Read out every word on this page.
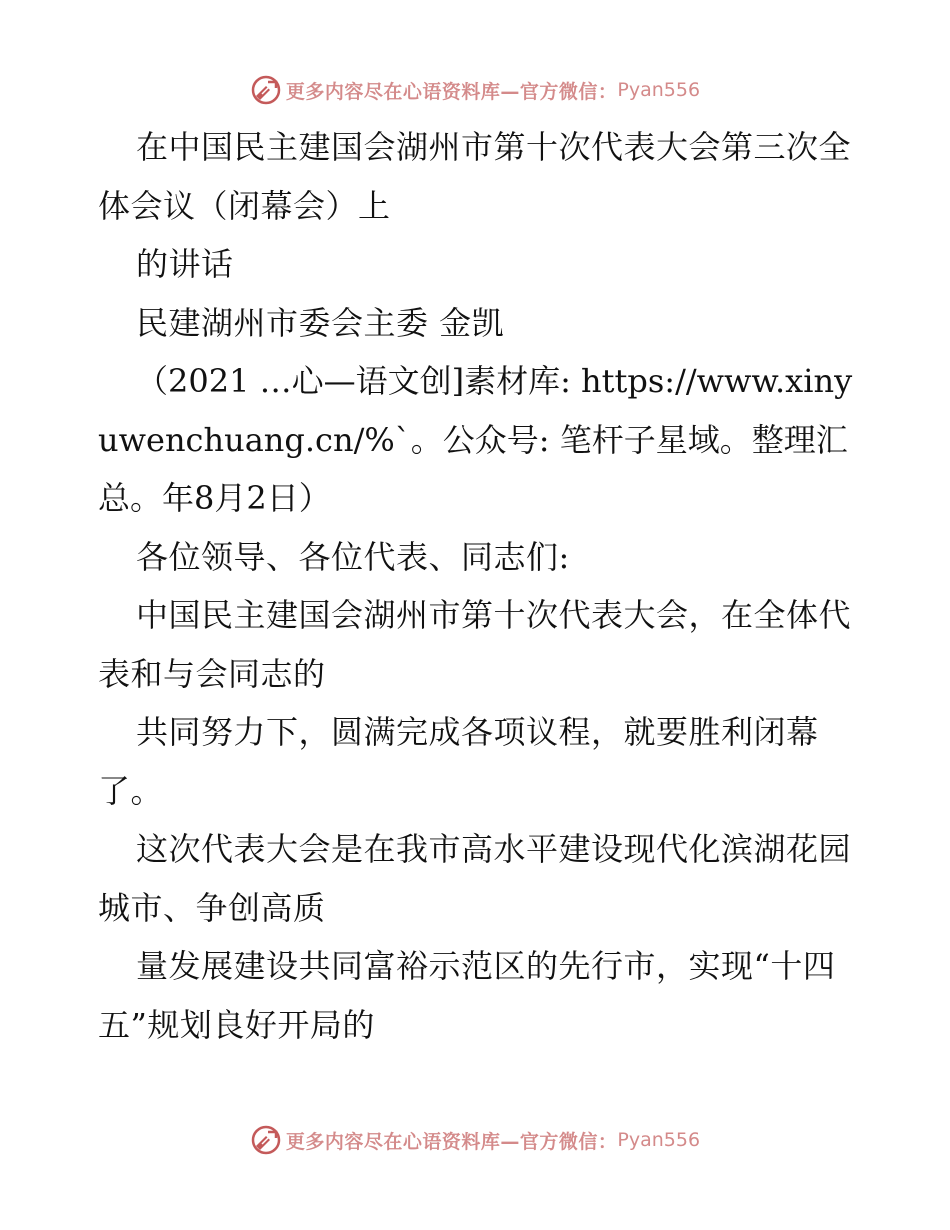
更多内容尽在心语资料库—官方微信： Pyan556

在中国民主建国会湖州市第十次代表大会第三次全体会议（闭幕会）上

的讲话

民建湖州市委会主委 金凯

（2021 …心—语文创]素材库: https://www.xinyuwenchuang.cn/%`。公众号: 笔杆子星域。整理汇总。年8月2日）

各位领导、各位代表、同志们:

中国民主建国会湖州市第十次代表大会，在全体代表和与会同志的

共同努力下，圆满完成各项议程，就要胜利闭幕了。

这次代表大会是在我市高水平建设现代化滨湖花园城市、争创高质

量发展建设共同富裕示范区的先行市，实现“十四五”规划良好开局的

更多内容尽在心语资料库—官方微信： Pyan556
